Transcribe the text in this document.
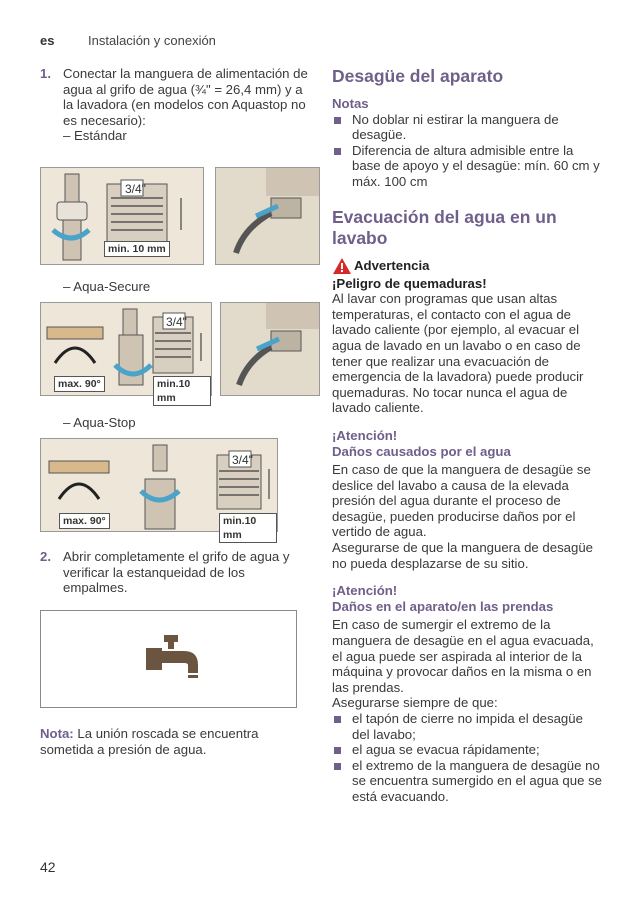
es	Instalación y conexión
1. Conectar la manguera de alimentación de agua al grifo de agua (¾" = 26,4 mm) y a la lavadora (en modelos con Aquastop no es necesario):
– Estándar
3/4"
min. 10 mm
– Aqua-Secure
3/4"
max. 90°	min.10 mm
– Aqua-Stop
3/4"
max. 90°	min.10 mm
2. Abrir completamente el grifo de agua y verificar la estanqueidad de los empalmes.
Nota: La unión roscada se encuentra sometida a presión de agua.
Desagüe del aparato
Notas
No doblar ni estirar la manguera de desagüe.
Diferencia de altura admisible entre la base de apoyo y el desagüe: mín. 60 cm y máx. 100 cm
Evacuación del agua en un lavabo
Advertencia
¡Peligro de quemaduras!
Al lavar con programas que usan altas temperaturas, el contacto con el agua de lavado caliente (por ejemplo, al evacuar el agua de lavado en un lavabo o en caso de tener que realizar una evacuación de emergencia de la lavadora) puede producir quemaduras. No tocar nunca el agua de lavado caliente.
¡Atención!
Daños causados por el agua
En caso de que la manguera de desagüe se deslice del lavabo a causa de la elevada presión del agua durante el proceso de desagüe, pueden producirse daños por el vertido de agua.
Asegurarse de que la manguera de desagüe no pueda desplazarse de su sitio.
¡Atención!
Daños en el aparato/en las prendas
En caso de sumergir el extremo de la manguera de desagüe en el agua evacuada, el agua puede ser aspirada al interior de la máquina y provocar daños en la misma o en las prendas.
Asegurarse siempre de que:
el tapón de cierre no impida el desagüe del lavabo;
el agua se evacua rápidamente;
el extremo de la manguera de desagüe no se encuentra sumergido en el agua que se está evacuando.
42
